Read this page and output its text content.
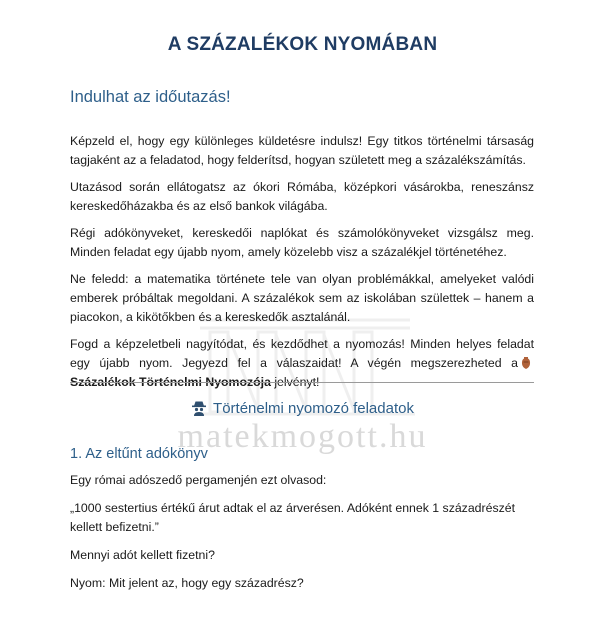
matekmogott.hu
A SZÁZALÉKOK NYOMÁBAN
Indulhat az időutazás!

Képzeld el, hogy egy különleges küldetésre indulsz! Egy titkos történelmi társaság tagjaként az a feladatod, hogy felderítsd, hogyan született meg a százalékszámítás.

Utazásod során ellátogatsz az ókori Rómába, középkori vásárokba, reneszánsz kereskedőházakba és az első bankok világába.

Régi adókönyveket, kereskedői naplókat és számolókönyveket vizsgálsz meg. Minden feladat egy újabb nyom, amely közelebb visz a százalékjel történetéhez.

Ne feledd: a matematika története tele van olyan problémákkal, amelyeket valódi emberek próbáltak megoldani. A százalékok sem az iskolában születtek – hanem a piacokon, a kikötőkben és a kereskedők asztalánál.

Fogd a képzeletbeli nagyítódat, és kezdődhet a nyomozás! Minden helyes feladat egy újabb nyom. Jegyezd fel a válaszaidat! A végén megszerezheted aSzázalékok Történelmi Nyomozója jelvényt!

Történelmi nyomozó feladatok
1. Az eltűnt adókönyv

Egy római adószedő pergamenjén ezt olvasod:

„1000 sestertius értékű árut adtak el az árverésen. Adóként ennek 1 századrészét kellett befizetni.”

Mennyi adót kellett fizetni?

Nyom: Mit jelent az, hogy egy századrész?
